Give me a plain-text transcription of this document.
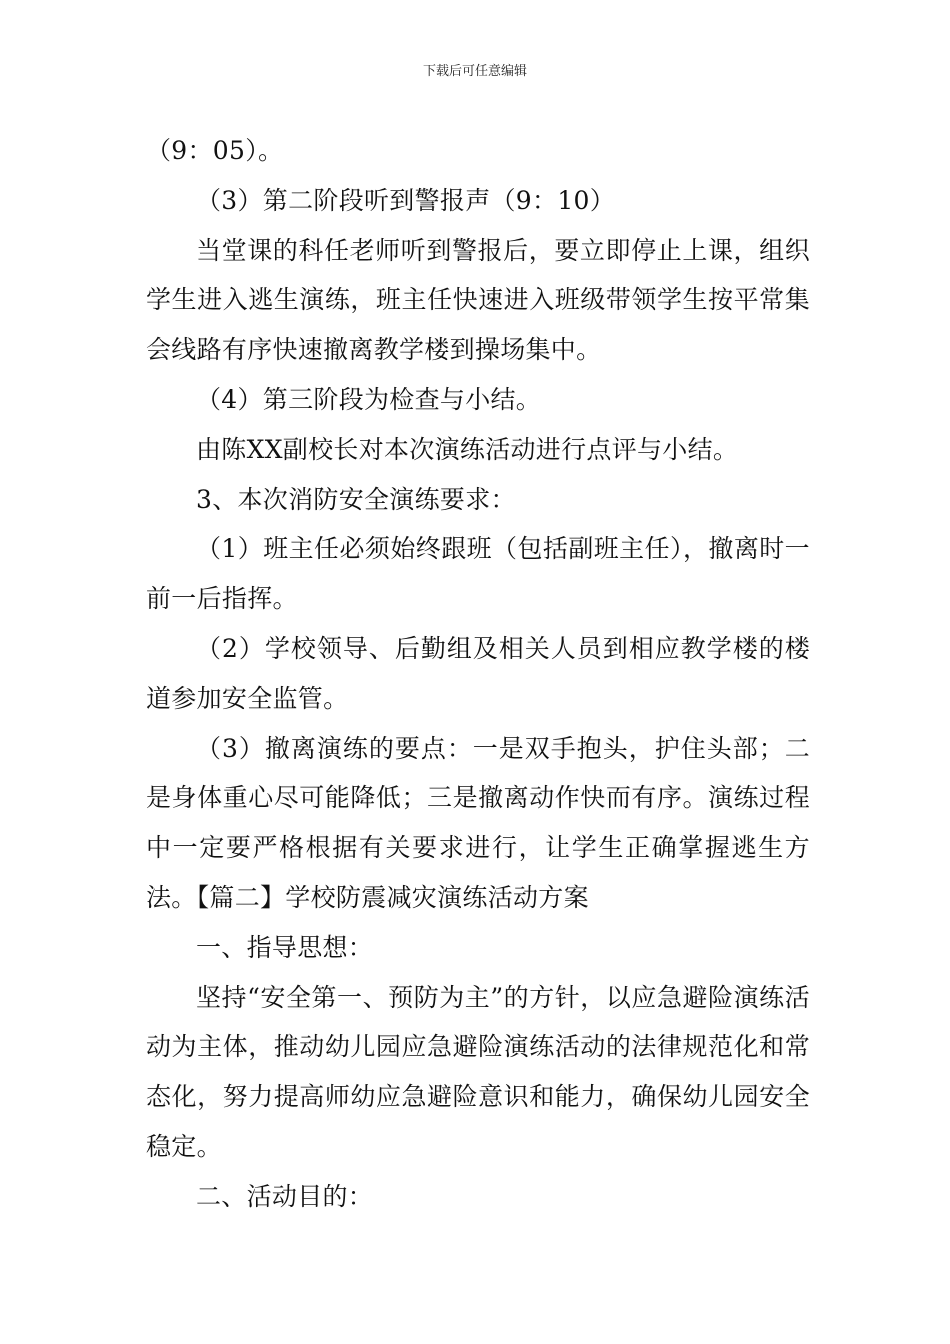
下载后可任意编辑

（9：05）。

（3）第二阶段听到警报声（9：10）

当堂课的科任老师听到警报后，要立即停止上课，组织学生进入逃生演练，班主任快速进入班级带领学生按平常集会线路有序快速撤离教学楼到操场集中。

（4）第三阶段为检查与小结。

由陈XX副校长对本次演练活动进行点评与小结。

3、本次消防安全演练要求：

（1）班主任必须始终跟班（包括副班主任），撤离时一前一后指挥。

（2）学校领导、后勤组及相关人员到相应教学楼的楼道参加安全监管。

（3）撤离演练的要点：一是双手抱头，护住头部；二是身体重心尽可能降低；三是撤离动作快而有序。演练过程中一定要严格根据有关要求进行，让学生正确掌握逃生方法。【篇二】学校防震减灾演练活动方案

一、指导思想：

坚持“安全第一、预防为主”的方针，以应急避险演练活动为主体，推动幼儿园应急避险演练活动的法律规范化和常态化，努力提高师幼应急避险意识和能力，确保幼儿园安全稳定。

二、活动目的：
